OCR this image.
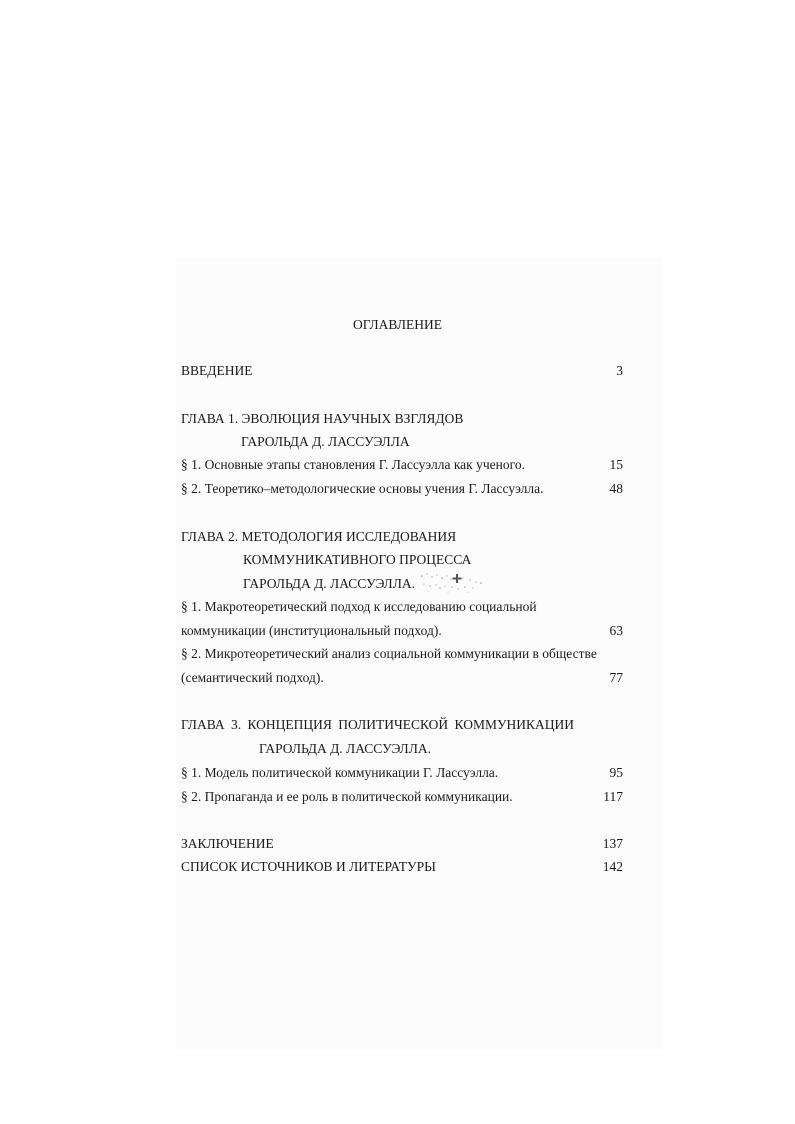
ОГЛАВЛЕНИЕ
ВВЕДЕНИЕ	3
ГЛАВА 1. ЭВОЛЮЦИЯ НАУЧНЫХ ВЗГЛЯДОВ
ГАРОЛЬДА Д. ЛАССУЭЛЛА
§ 1. Основные этапы становления Г. Лассуэлла как ученого.	15
§ 2. Теоретико–методологические основы учения Г. Лассуэлла.	48
ГЛАВА 2. МЕТОДОЛОГИЯ ИССЛЕДОВАНИЯ
КОММУНИКАТИВНОГО ПРОЦЕССА
ГАРОЛЬДА Д. ЛАССУЭЛЛА.
§ 1. Макротеоретический подход к исследованию социальной
коммуникации (институциональный подход).	63
§ 2. Микротеоретический анализ социальной коммуникации в обществе
(семантический подход).	77
ГЛАВА 3. КОНЦЕПЦИЯ ПОЛИТИЧЕСКОЙ КОММУНИКАЦИИ
ГАРОЛЬДА Д. ЛАССУЭЛЛА.
§ 1. Модель политической коммуникации Г. Лассуэлла.	95
§ 2. Пропаганда и ее роль в политической коммуникации.	117
ЗАКЛЮЧЕНИЕ	137
СПИСОК ИСТОЧНИКОВ И ЛИТЕРАТУРЫ	142
